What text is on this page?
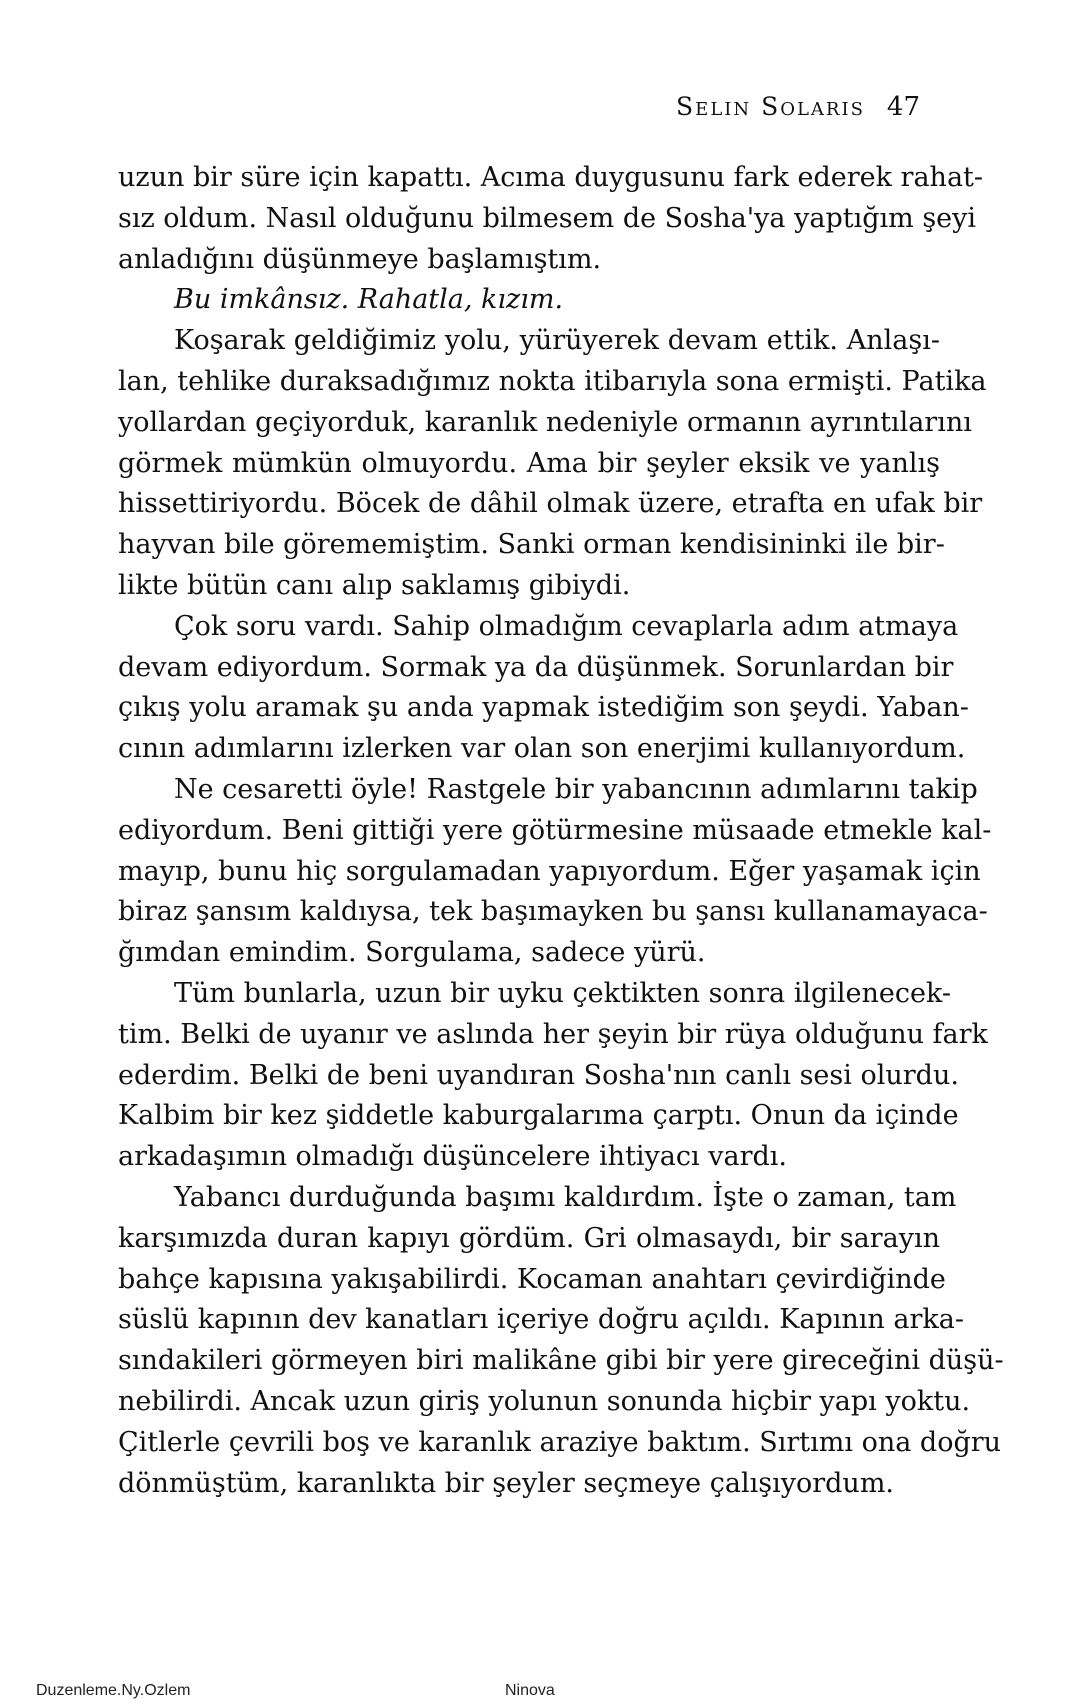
Selin Solaris 47
uzun bir süre için kapattı. Acıma duygusunu fark ederek rahat-
sız oldum. Nasıl olduğunu bilmesem de Sosha'ya yaptığım şeyi
anladığını düşünmeye başlamıştım.
Bu imkânsız. Rahatla, kızım.
Koşarak geldiğimiz yolu, yürüyerek devam ettik. Anlaşı-
lan, tehlike duraksadığımız nokta itibarıyla sona ermişti. Patika
yollardan geçiyorduk, karanlık nedeniyle ormanın ayrıntılarını
görmek mümkün olmuyordu. Ama bir şeyler eksik ve yanlış
hissettiriyordu. Böcek de dâhil olmak üzere, etrafta en ufak bir
hayvan bile görememiştim. Sanki orman kendisininki ile bir-
likte bütün canı alıp saklamış gibiydi.
Çok soru vardı. Sahip olmadığım cevaplarla adım atmaya
devam ediyordum. Sormak ya da düşünmek. Sorunlardan bir
çıkış yolu aramak şu anda yapmak istediğim son şeydi. Yaban-
cının adımlarını izlerken var olan son enerjimi kullanıyordum.
Ne cesaretti öyle! Rastgele bir yabancının adımlarını takip
ediyordum. Beni gittiği yere götürmesine müsaade etmekle kal-
mayıp, bunu hiç sorgulamadan yapıyordum. Eğer yaşamak için
biraz şansım kaldıysa, tek başımayken bu şansı kullanamayaca-
ğımdan emindim. Sorgulama, sadece yürü.
Tüm bunlarla, uzun bir uyku çektikten sonra ilgilenecek-
tim. Belki de uyanır ve aslında her şeyin bir rüya olduğunu fark
ederdim. Belki de beni uyandıran Sosha'nın canlı sesi olurdu.
Kalbim bir kez şiddetle kaburgalarıma çarptı. Onun da içinde
arkadaşımın olmadığı düşüncelere ihtiyacı vardı.
Yabancı durduğunda başımı kaldırdım. İşte o zaman, tam
karşımızda duran kapıyı gördüm. Gri olmasaydı, bir sarayın
bahçe kapısına yakışabilirdi. Kocaman anahtarı çevirdiğinde
süslü kapının dev kanatları içeriye doğru açıldı. Kapının arka-
sındakileri görmeyen biri malikâne gibi bir yere gireceğini düşü-
nebilirdi. Ancak uzun giriş yolunun sonunda hiçbir yapı yoktu.
Çitlerle çevrili boş ve karanlık araziye baktım. Sırtımı ona doğru
dönmüştüm, karanlıkta bir şeyler seçmeye çalışıyordum.
Duzenleme.Ny.Ozlem	Ninova
